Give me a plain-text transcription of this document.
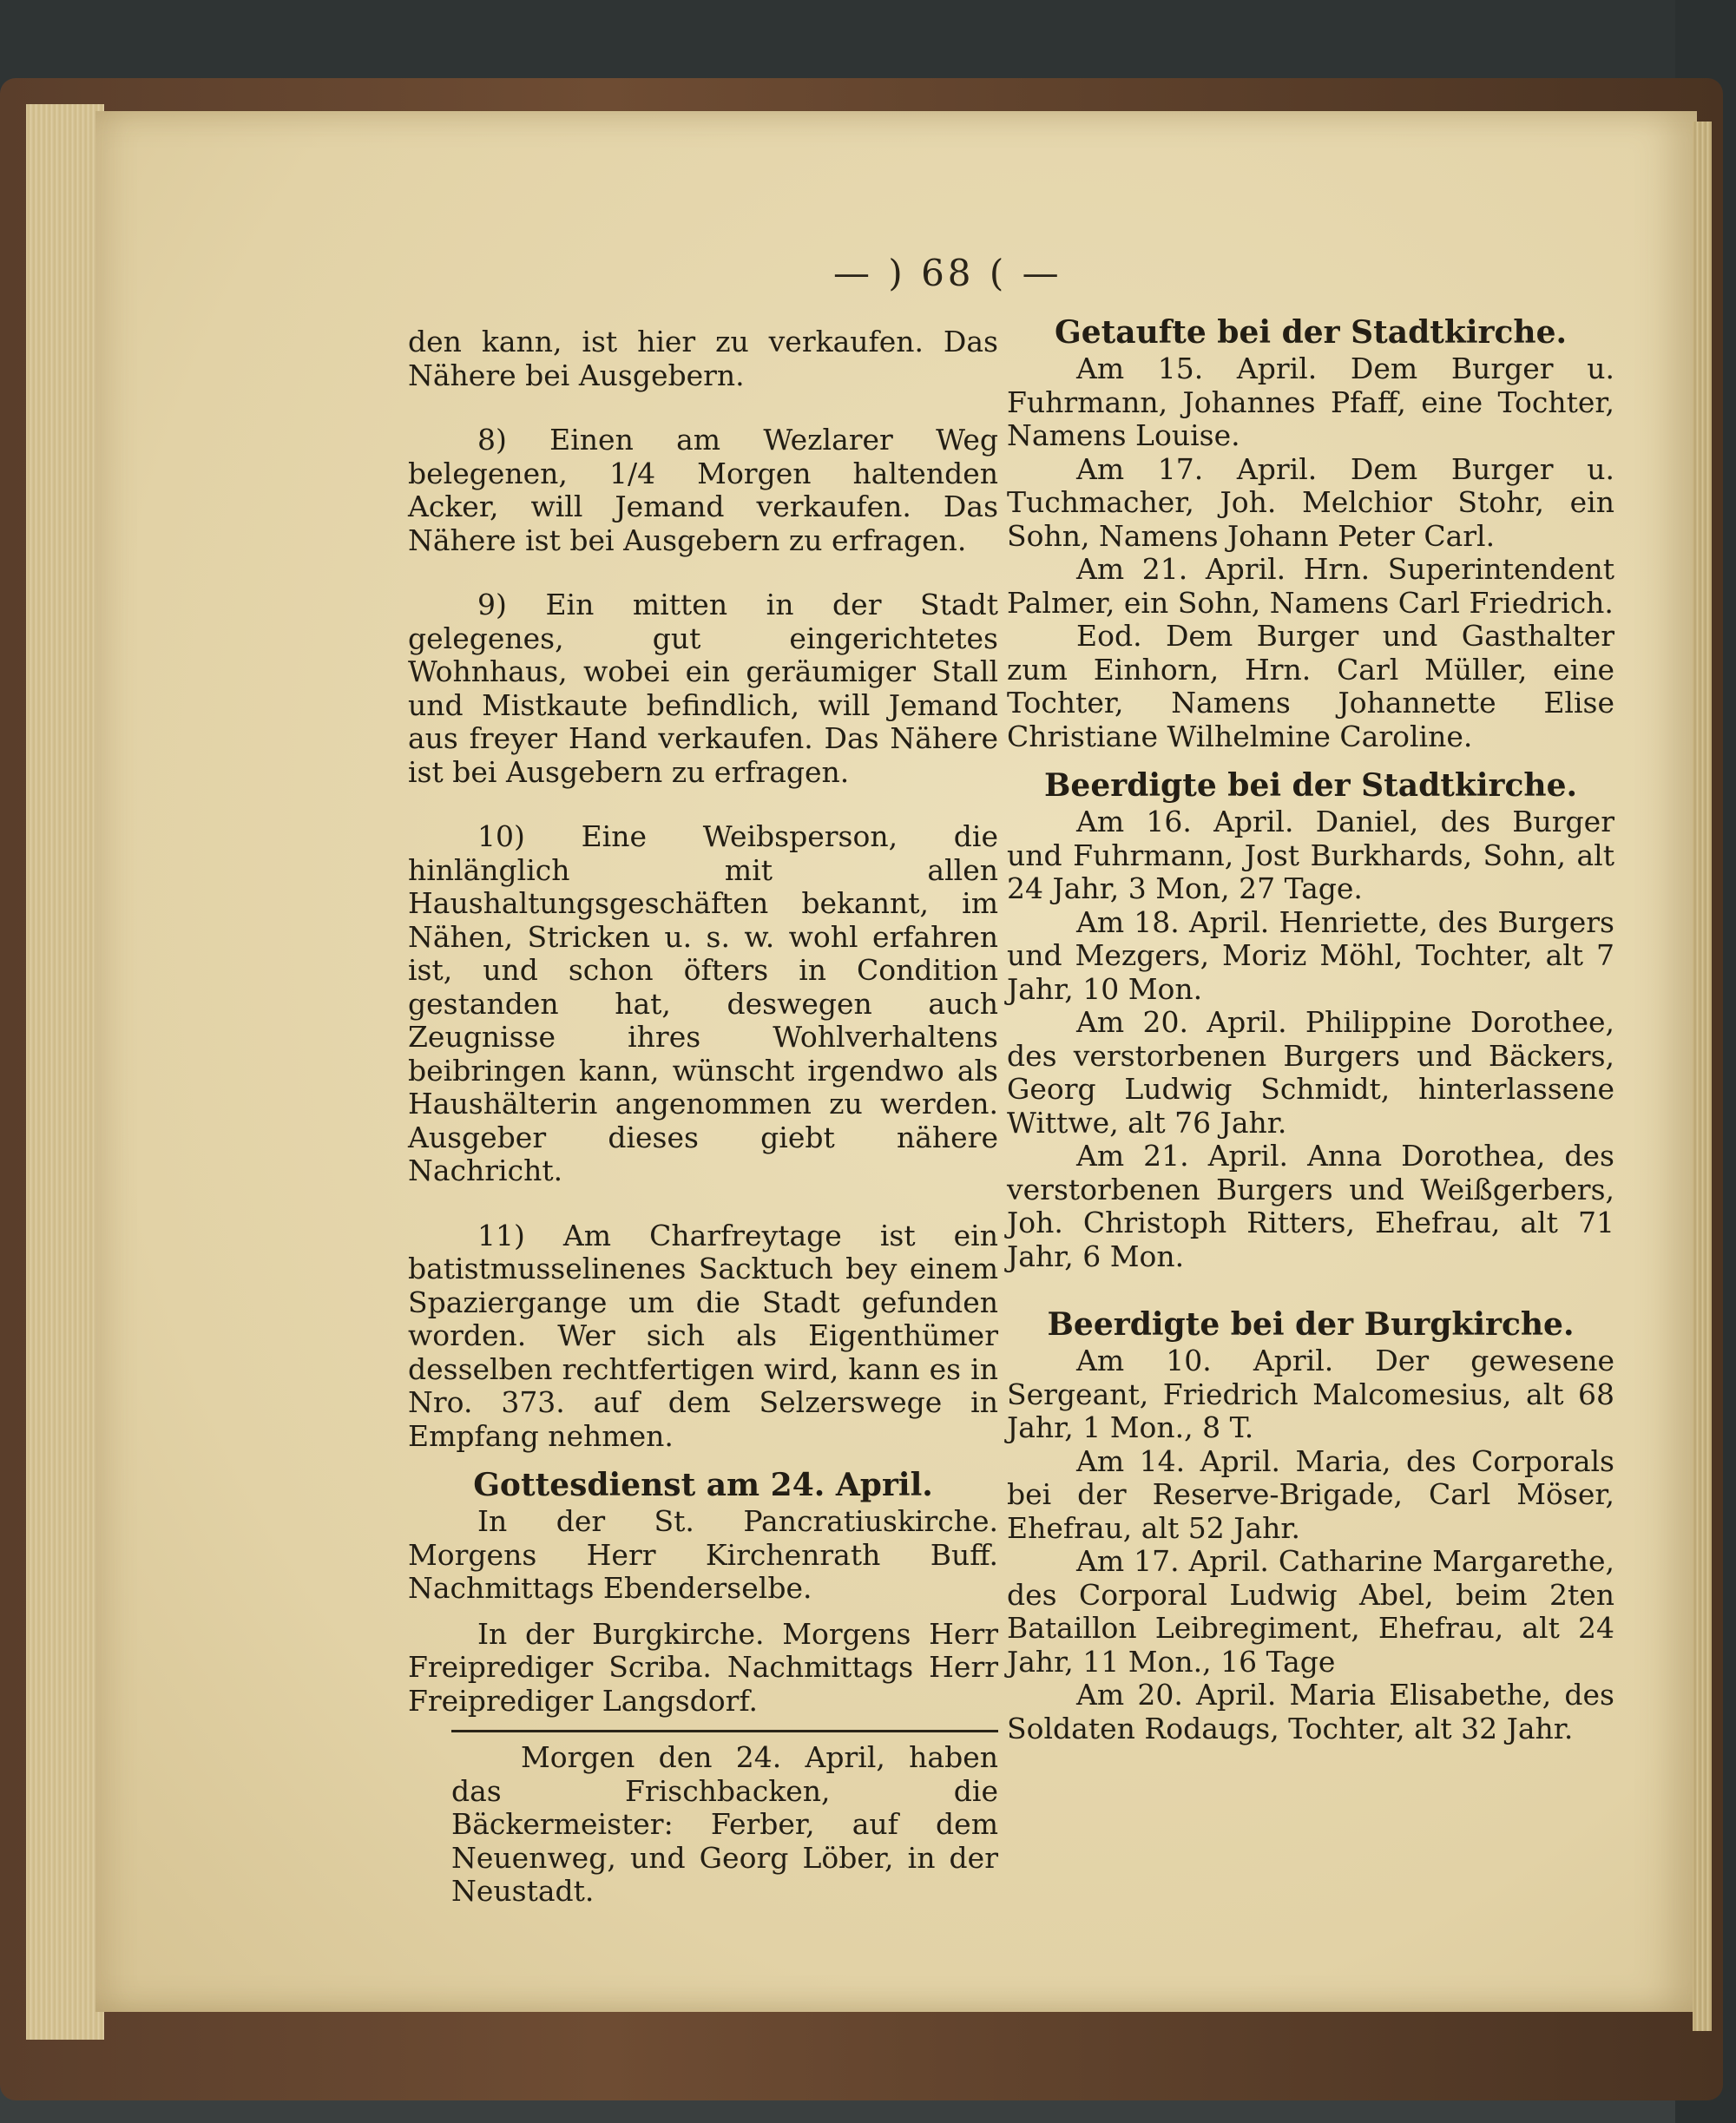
— ) 68 ( —

den kann, ist hier zu verkaufen. Das Nähere bei Ausgebern.

8) Einen am Wezlarer Weg belegenen, 1/4 Morgen haltenden Acker, will Jemand verkaufen. Das Nähere ist bei Ausgebern zu erfragen.

9) Ein mitten in der Stadt gelegenes, gut eingerichtetes Wohnhaus, wobei ein geräumiger Stall und Mistkaute befindlich, will Jemand aus freyer Hand verkaufen. Das Nähere ist bei Ausgebern zu erfragen.

10) Eine Weibsperson, die hinlänglich mit allen Haushaltungsgeschäften bekannt, im Nähen, Stricken u. s. w. wohl erfahren ist, und schon öfters in Condition gestanden hat, deswegen auch Zeugnisse ihres Wohlverhaltens beibringen kann, wünscht irgendwo als Haushälterin angenommen zu werden. Ausgeber dieses giebt nähere Nachricht.

11) Am Charfreytage ist ein batistmusselinenes Sacktuch bey einem Spaziergange um die Stadt gefunden worden. Wer sich als Eigenthümer desselben rechtfertigen wird, kann es in Nro. 373. auf dem Selzerswege in Empfang nehmen.

Gottesdienst am 24. April.

In der St. Pancratiuskirche. Morgens Herr Kirchenrath Buff. Nachmittags Ebenderselbe.

In der Burgkirche. Morgens Herr Freiprediger Scriba. Nachmittags Herr Freiprediger Langsdorf.

Morgen den 24. April, haben das Frischbacken, die Bäckermeister: Ferber, auf dem Neuenweg, und Georg Löber, in der Neustadt.

Getaufte bei der Stadtkirche.

Am 15. April. Dem Burger u. Fuhrmann, Johannes Pfaff, eine Tochter, Namens Louise.

Am 17. April. Dem Burger u. Tuchmacher, Joh. Melchior Stohr, ein Sohn, Namens Johann Peter Carl.

Am 21. April. Hrn. Superintendent Palmer, ein Sohn, Namens Carl Friedrich.

Eod. Dem Burger und Gasthalter zum Einhorn, Hrn. Carl Müller, eine Tochter, Namens Johannette Elise Christiane Wilhelmine Caroline.

Beerdigte bei der Stadtkirche.

Am 16. April. Daniel, des Burger und Fuhrmann, Jost Burkhards, Sohn, alt 24 Jahr, 3 Mon, 27 Tage.

Am 18. April. Henriette, des Burgers und Mezgers, Moriz Möhl, Tochter, alt 7 Jahr, 10 Mon.

Am 20. April. Philippine Dorothee, des verstorbenen Burgers und Bäckers, Georg Ludwig Schmidt, hinterlassene Wittwe, alt 76 Jahr.

Am 21. April. Anna Dorothea, des verstorbenen Burgers und Weißgerbers, Joh. Christoph Ritters, Ehefrau, alt 71 Jahr, 6 Mon.

Beerdigte bei der Burgkirche.

Am 10. April. Der gewesene Sergeant, Friedrich Malcomesius, alt 68 Jahr, 1 Mon., 8 T.

Am 14. April. Maria, des Corporals bei der Reserve-Brigade, Carl Möser, Ehefrau, alt 52 Jahr.

Am 17. April. Catharine Margarethe, des Corporal Ludwig Abel, beim 2ten Bataillon Leibregiment, Ehefrau, alt 24 Jahr, 11 Mon., 16 Tage

Am 20. April. Maria Elisabethe, des Soldaten Rodaugs, Tochter, alt 32 Jahr.
